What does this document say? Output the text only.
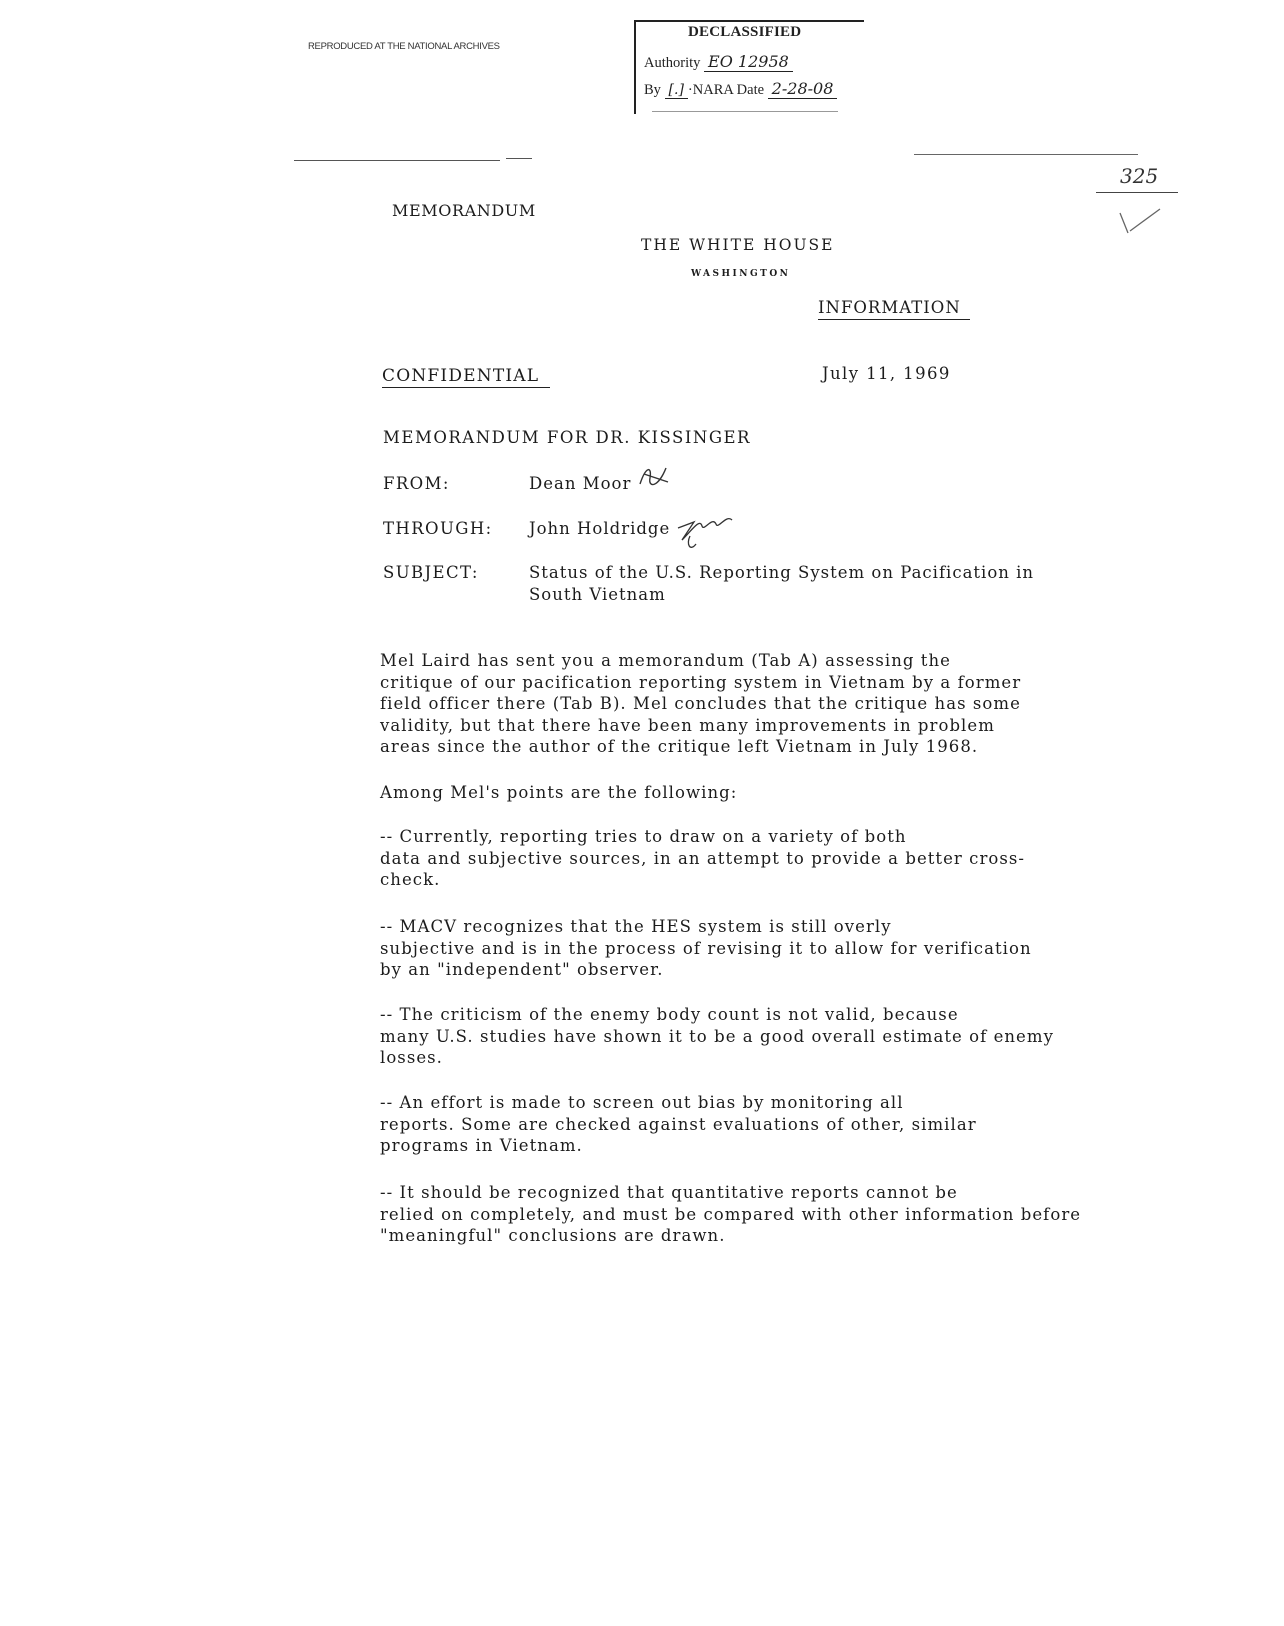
REPRODUCED AT THE NATIONAL ARCHIVES
DECLASSIFIED
Authority EO 12958
By [.] ·NARA Date 2-28-08
325
MEMORANDUM
THE WHITE HOUSE
WASHINGTON
INFORMATION
CONFIDENTIAL	July 11, 1969
MEMORANDUM FOR DR. KISSINGER
FROM:	Dean Moor
THROUGH: John Holdridge
SUBJECT:	Status of the U.S. Reporting System on Pacification in
South Vietnam

Mel Laird has sent you a memorandum (Tab A) assessing the
critique of our pacification reporting system in Vietnam by a former
field officer there (Tab B). Mel concludes that the critique has some
validity, but that there have been many improvements in problem
areas since the author of the critique left Vietnam in July 1968.

Among Mel's points are the following:

-- Currently, reporting tries to draw on a variety of both
data and subjective sources, in an attempt to provide a better cross-
check.

-- MACV recognizes that the HES system is still overly
subjective and is in the process of revising it to allow for verification
by an "independent" observer.

-- The criticism of the enemy body count is not valid, because
many U.S. studies have shown it to be a good overall estimate of enemy
losses.

-- An effort is made to screen out bias by monitoring all
reports. Some are checked against evaluations of other, similar
programs in Vietnam.

-- It should be recognized that quantitative reports cannot be
relied on completely, and must be compared with other information before
"meaningful" conclusions are drawn.
